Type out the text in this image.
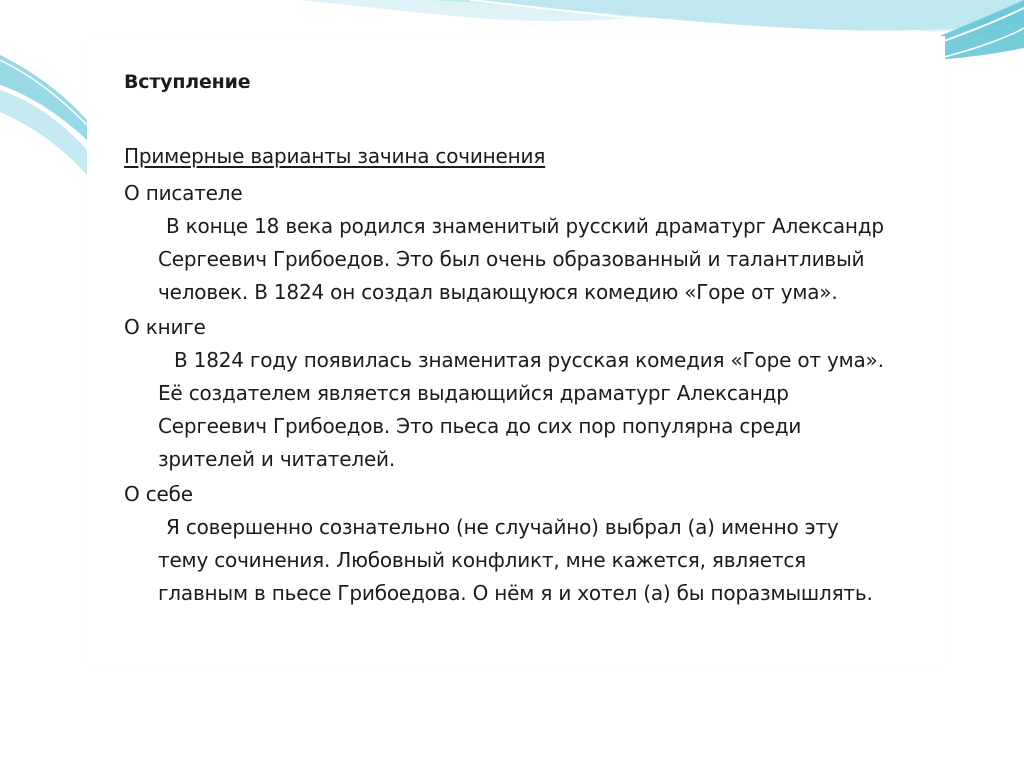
Вступление
Примерные варианты зачина сочинения
О писателе
В конце 18 века родился знаменитый русский драматург Александр
Сергеевич Грибоедов. Это был очень образованный и талантливый
человек. В 1824 он создал выдающуюся комедию «Горе от ума».
О книге
В 1824 году появилась знаменитая русская комедия «Горе от ума».
Её создателем является выдающийся драматург Александр
Сергеевич Грибоедов. Это пьеса до сих пор популярна среди
зрителей и читателей.
О себе
Я совершенно сознательно (не случайно) выбрал (а) именно эту
тему сочинения. Любовный конфликт, мне кажется, является
главным в пьесе Грибоедова. О нём я и хотел (а) бы поразмышлять.
